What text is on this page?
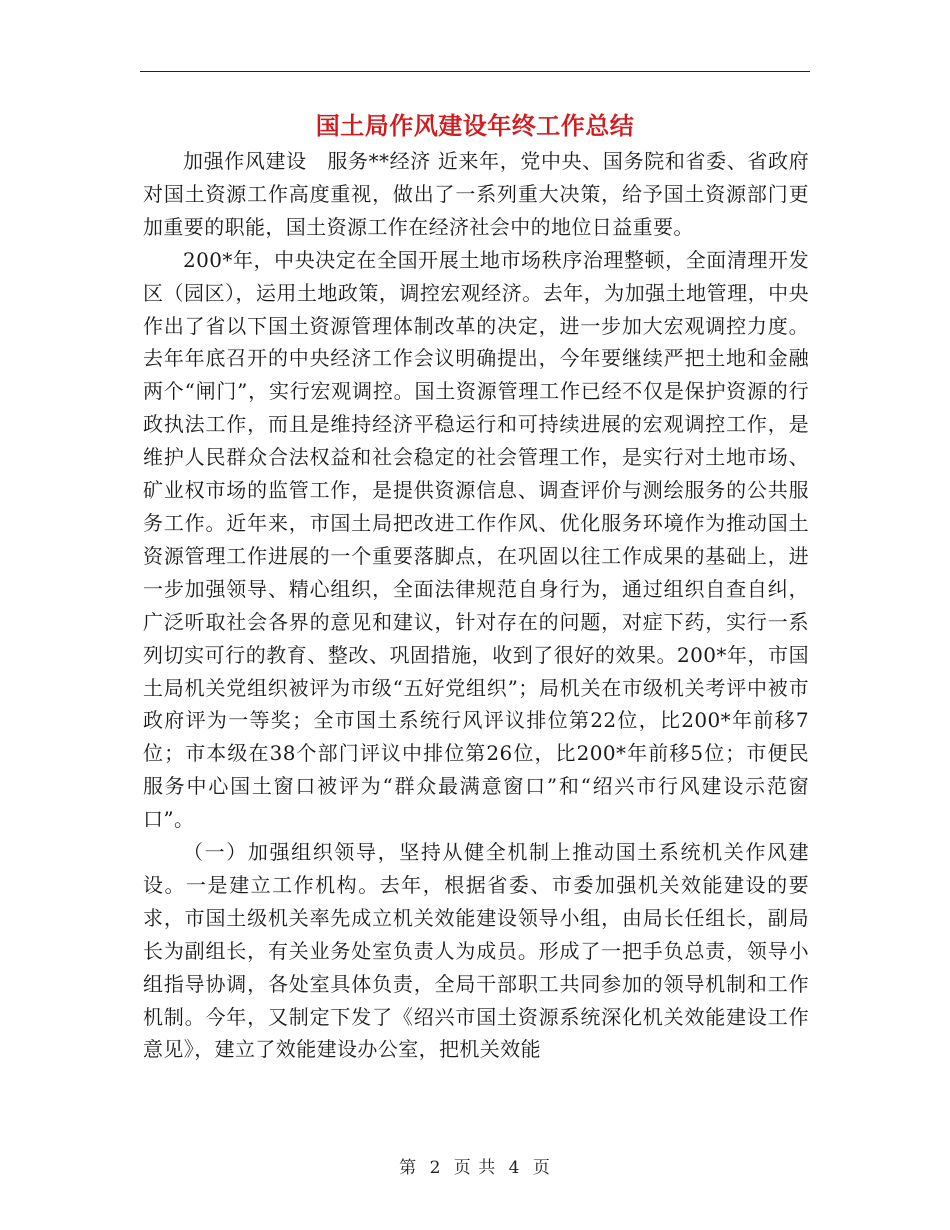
国土局作风建设年终工作总结

加强作风建设　服务**经济 近来年，党中央、国务院和省委、省政府对国土资源工作高度重视，做出了一系列重大决策，给予国土资源部门更加重要的职能，国土资源工作在经济社会中的地位日益重要。

200*年，中央决定在全国开展土地市场秩序治理整顿，全面清理开发区（园区），运用土地政策，调控宏观经济。去年，为加强土地管理，中央作出了省以下国土资源管理体制改革的决定，进一步加大宏观调控力度。去年年底召开的中央经济工作会议明确提出，今年要继续严把土地和金融两个“闸门”，实行宏观调控。国土资源管理工作已经不仅是保护资源的行政执法工作，而且是维持经济平稳运行和可持续进展的宏观调控工作，是维护人民群众合法权益和社会稳定的社会管理工作，是实行对土地市场、矿业权市场的监管工作，是提供资源信息、调查评价与测绘服务的公共服务工作。近年来，市国土局把改进工作作风、优化服务环境作为推动国土资源管理工作进展的一个重要落脚点，在巩固以往工作成果的基础上，进一步加强领导、精心组织，全面法律规范自身行为，通过组织自查自纠，广泛听取社会各界的意见和建议，针对存在的问题，对症下药，实行一系列切实可行的教育、整改、巩固措施，收到了很好的效果。200*年，市国土局机关党组织被评为市级“五好党组织”；局机关在市级机关考评中被市政府评为一等奖；全市国土系统行风评议排位第22位，比200*年前移7位；市本级在38个部门评议中排位第26位，比200*年前移5位；市便民服务中心国土窗口被评为“群众最满意窗口”和“绍兴市行风建设示范窗口”。

（一）加强组织领导，坚持从健全机制上推动国土系统机关作风建设。一是建立工作机构。去年，根据省委、市委加强机关效能建设的要求，市国土级机关率先成立机关效能建设领导小组，由局长任组长，副局长为副组长，有关业务处室负责人为成员。形成了一把手负总责，领导小组指导协调，各处室具体负责，全局干部职工共同参加的领导机制和工作机制。今年，又制定下发了《绍兴市国土资源系统深化机关效能建设工作意见》，建立了效能建设办公室，把机关效能

第 2 页 共 4 页
